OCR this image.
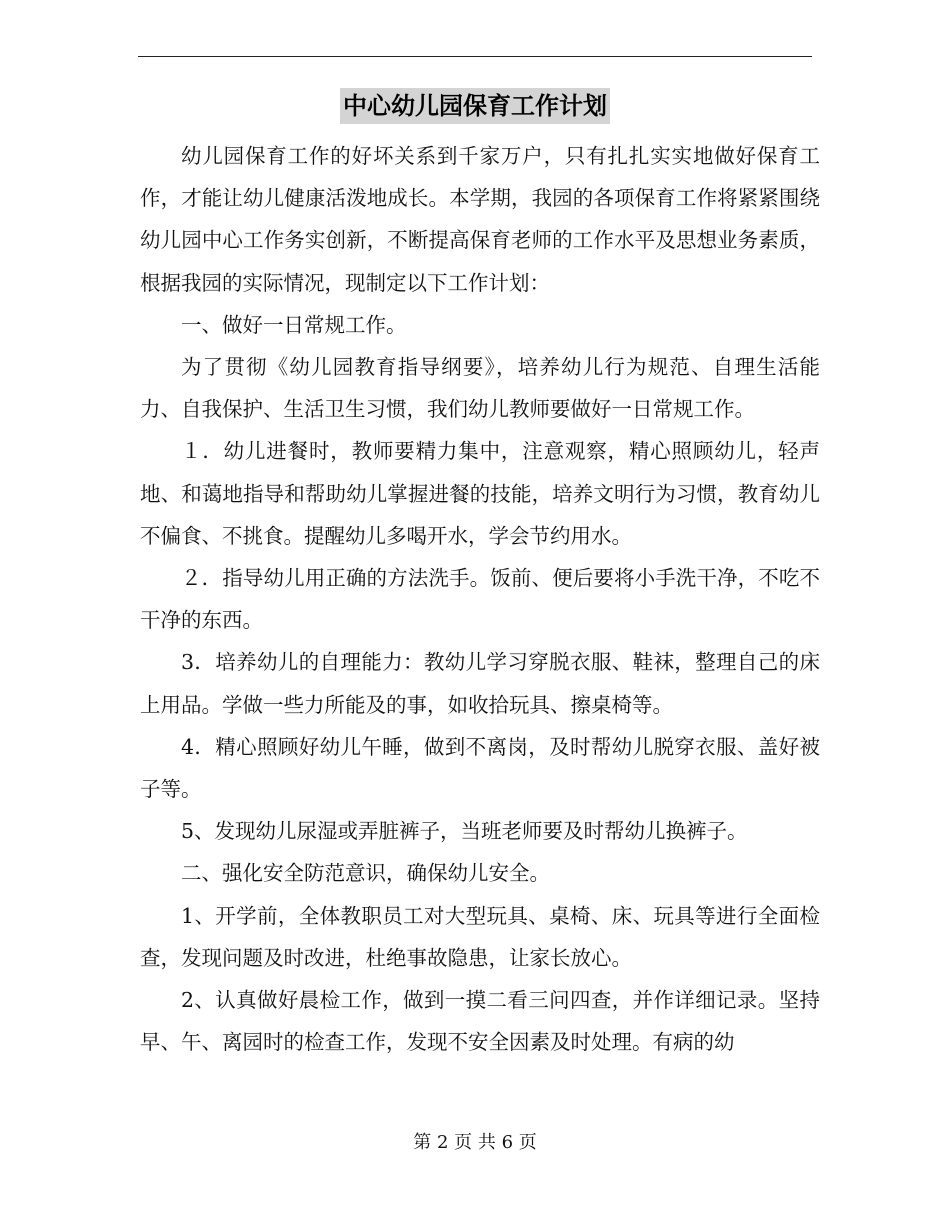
中心幼儿园保育工作计划

幼儿园保育工作的好坏关系到千家万户，只有扎扎实实地做好保育工作，才能让幼儿健康活泼地成长。本学期，我园的各项保育工作将紧紧围绕幼儿园中心工作务实创新，不断提高保育老师的工作水平及思想业务素质，根据我园的实际情况，现制定以下工作计划：

一、做好一日常规工作。

为了贯彻《幼儿园教育指导纲要》，培养幼儿行为规范、自理生活能力、自我保护、生活卫生习惯，我们幼儿教师要做好一日常规工作。

１．幼儿进餐时，教师要精力集中，注意观察，精心照顾幼儿，轻声地、和蔼地指导和帮助幼儿掌握进餐的技能，培养文明行为习惯，教育幼儿不偏食、不挑食。提醒幼儿多喝开水，学会节约用水。

２．指导幼儿用正确的方法洗手。饭前、便后要将小手洗干净，不吃不干净的东西。

3．培养幼儿的自理能力：教幼儿学习穿脱衣服、鞋袜，整理自己的床上用品。学做一些力所能及的事，如收拾玩具、擦桌椅等。

4．精心照顾好幼儿午睡，做到不离岗，及时帮幼儿脱穿衣服、盖好被子等。

5、发现幼儿尿湿或弄脏裤子，当班老师要及时帮幼儿换裤子。

二、强化安全防范意识，确保幼儿安全。

1、开学前，全体教职员工对大型玩具、桌椅、床、玩具等进行全面检查，发现问题及时改进，杜绝事故隐患，让家长放心。

2、认真做好晨检工作，做到一摸二看三问四查，并作详细记录。坚持早、午、离园时的检查工作，发现不安全因素及时处理。有病的幼

第 2 页 共 6 页
